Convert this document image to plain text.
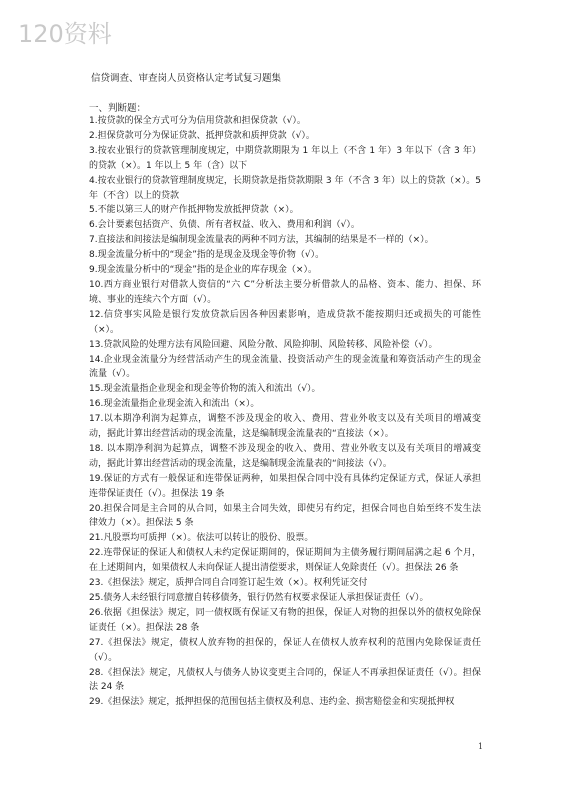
120资料
信贷调查、审查岗人员资格认定考试复习题集
一、判断题：

1.按贷款的保全方式可分为信用贷款和担保贷款（√）。

2.担保贷款可分为保证贷款、抵押贷款和质押贷款（√）。

3.按农业银行的贷款管理制度规定，中期贷款期限为 1 年以上（不含 1 年）3 年以下（含 3 年）的贷款（×）。1 年以上 5 年（含）以下

4.按农业银行的贷款管理制度规定，长期贷款是指贷款期限 3 年（不含 3 年）以上的贷款（×）。5 年（不含）以上的贷款

5.不能以第三人的财产作抵押物发放抵押贷款（×）。

6.会计要素包括资产、负债、所有者权益、收入、费用和利润（√）。

7.直接法和间接法是编制现金流量表的两种不同方法，其编制的结果是不一样的（×）。

8.现金流量分析中的“现金”指的是现金及现金等价物（√）。

9.现金流量分析中的“现金”指的是企业的库存现金（×）。

10.西方商业银行对借款人资信的“六 C”分析法主要分析借款人的品格、资本、能力、担保、环境、事业的连续六个方面（√）。

12.信贷事实风险是银行发放贷款后因各种因素影响，造成贷款不能按期归还或损失的可能性（×）。

13.贷款风险的处理方法有风险回避、风险分散、风险抑制、风险转移、风险补偿（√）。

14.企业现金流量分为经营活动产生的现金流量、投资活动产生的现金流量和筹资活动产生的现金流量（√）。

15.现金流量指企业现金和现金等价物的流入和流出（√）。

16.现金流量指企业现金流入和流出（×）。

17.以本期净利润为起算点，调整不涉及现金的收入、费用、营业外收支以及有关项目的增减变动，据此计算出经营活动的现金流量，这是编制现金流量表的“直接法（×）。

18. 以本期净利润为起算点，调整不涉及现金的收入、费用、营业外收支以及有关项目的增减变动，据此计算出经营活动的现金流量，这是编制现金流量表的“间接法（√）。

19.保证的方式有一般保证和连带保证两种，如果担保合同中没有具体约定保证方式，保证人承担连带保证责任（√）。担保法 19 条

20.担保合同是主合同的从合同，如果主合同失效，即使另有约定，担保合同也自始至终不发生法律效力（×）。担保法 5 条

21.凡股票均可质押（×）。依法可以转让的股份、股票。

22.连带保证的保证人和债权人未约定保证期间的，保证期间为主债务履行期间届满之起 6 个月，在上述期间内，如果债权人未向保证人提出清偿要求，则保证人免除责任（√）。担保法 26 条

23.《担保法》规定，质押合同自合同签订起生效（×）。权利凭证交付

25.债务人未经银行同意擅自转移债务，银行仍然有权要求保证人承担保证责任（√）。

26.依据《担保法》规定，同一债权既有保证又有物的担保，保证人对物的担保以外的债权免除保证责任（×）。担保法 28 条

27.《担保法》规定，债权人放弃物的担保的，保证人在债权人放弃权利的范围内免除保证责任（√）。

28.《担保法》规定，凡债权人与债务人协议变更主合同的，保证人不再承担保证责任（√）。担保法 24 条

29.《担保法》规定，抵押担保的范围包括主债权及利息、违约金、损害赔偿金和实现抵押权

1
